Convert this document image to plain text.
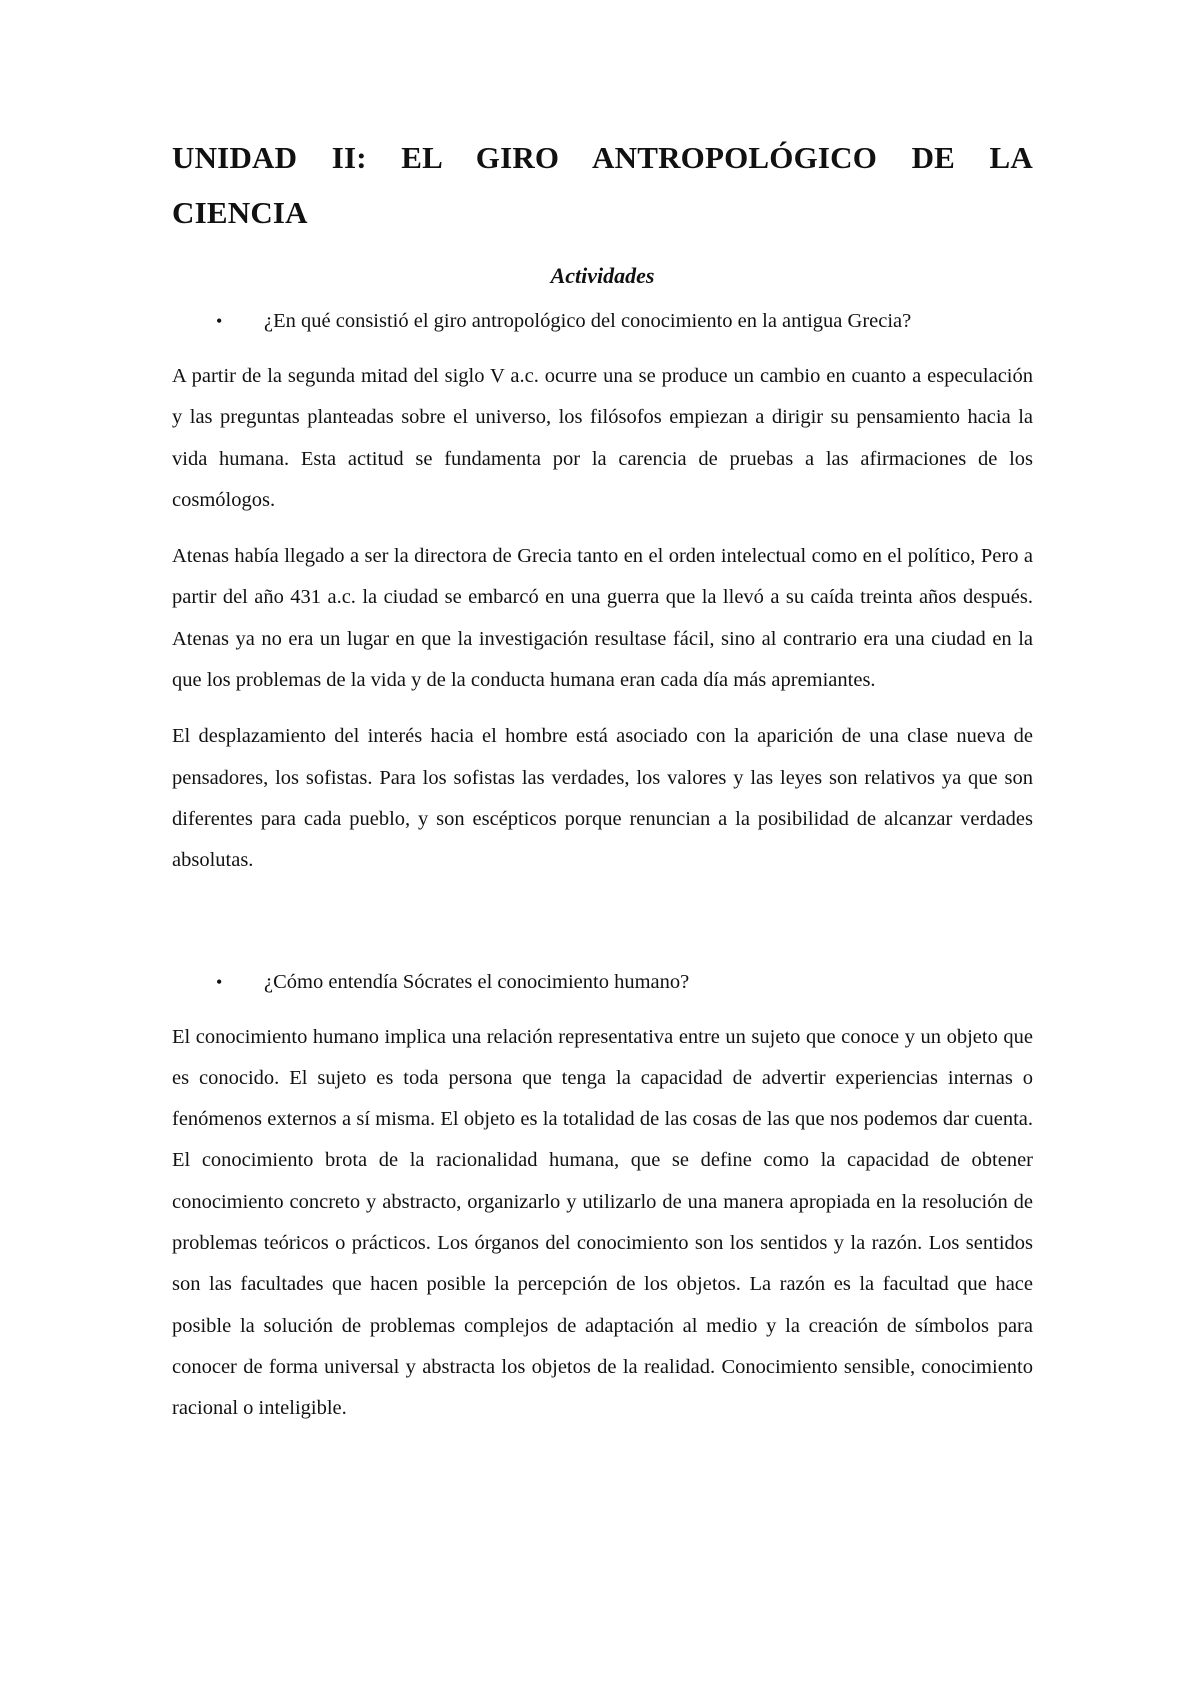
UNIDAD II: EL GIRO ANTROPOLÓGICO DE LA
CIENCIA
Actividades
•	¿En qué consistió el giro antropológico del conocimiento en la antigua Grecia?

A partir de la segunda mitad del siglo V a.c. ocurre una se produce un cambio en cuanto a especulación y las preguntas planteadas sobre el universo, los filósofos empiezan a dirigir su pensamiento hacia la vida humana. Esta actitud se fundamenta por la carencia de pruebas a las afirmaciones de los cosmólogos.

Atenas había llegado a ser la directora de Grecia tanto en el orden intelectual como en el político, Pero a partir del año 431 a.c. la ciudad se embarcó en una guerra que la llevó a su caída treinta años después. Atenas ya no era un lugar en que la investigación resultase fácil, sino al contrario era una ciudad en la que los problemas de la vida y de la conducta humana eran cada día más apremiantes.

El desplazamiento del interés hacia el hombre está asociado con la aparición de una clase nueva de pensadores, los sofistas. Para los sofistas las verdades, los valores y las leyes son relativos ya que son diferentes para cada pueblo, y son escépticos porque renuncian a la posibilidad de alcanzar verdades absolutas.

•	¿Cómo entendía Sócrates el conocimiento humano?

El conocimiento humano implica una relación representativa entre un sujeto que conoce y un objeto que es conocido. El sujeto es toda persona que tenga la capacidad de advertir experiencias internas o fenómenos externos a sí misma. El objeto es la totalidad de las cosas de las que nos podemos dar cuenta. El conocimiento brota de la racionalidad humana, que se define como la capacidad de obtener conocimiento concreto y abstracto, organizarlo y utilizarlo de una manera apropiada en la resolución de problemas teóricos o prácticos. Los órganos del conocimiento son los sentidos y la razón. Los sentidos son las facultades que hacen posible la percepción de los objetos. La razón es la facultad que hace posible la solución de problemas complejos de adaptación al medio y la creación de símbolos para conocer de forma universal y abstracta los objetos de la realidad. Conocimiento sensible, conocimiento racional o inteligible.
